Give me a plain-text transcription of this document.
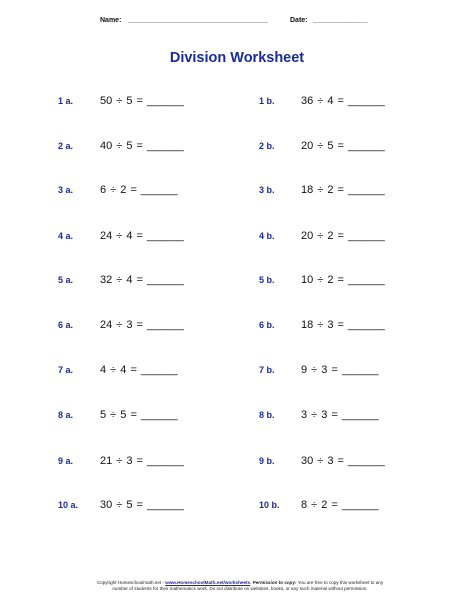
Name: ____________________________________	Date: ______________
Division Worksheet
1 a. 50 ÷ 5 = ______
2 a. 40 ÷ 5 = ______
3 a. 6 ÷ 2 = ______
4 a. 24 ÷ 4 = ______
5 a. 32 ÷ 4 = ______
6 a. 24 ÷ 3 = ______
7 a. 4 ÷ 4 = ______
8 a. 5 ÷ 5 = ______
9 a. 21 ÷ 3 = ______
10 a. 30 ÷ 5 = ______
1 b. 36 ÷ 4 = ______
2 b. 20 ÷ 5 = ______
3 b. 18 ÷ 2 = ______
4 b. 20 ÷ 2 = ______
5 b. 10 ÷ 2 = ______
6 b. 18 ÷ 3 = ______
7 b. 9 ÷ 3 = ______
8 b. 3 ÷ 3 = ______
9 b. 30 ÷ 3 = ______
10 b. 8 ÷ 2 = ______
Copyright Homeschoolmath.net - www.HomeschoolMath.net/worksheets. Permission to copy: You are free to copy this worksheet to any
number of students for their mathematics work. Do not distribute on websites, books, or any such material without permission.
